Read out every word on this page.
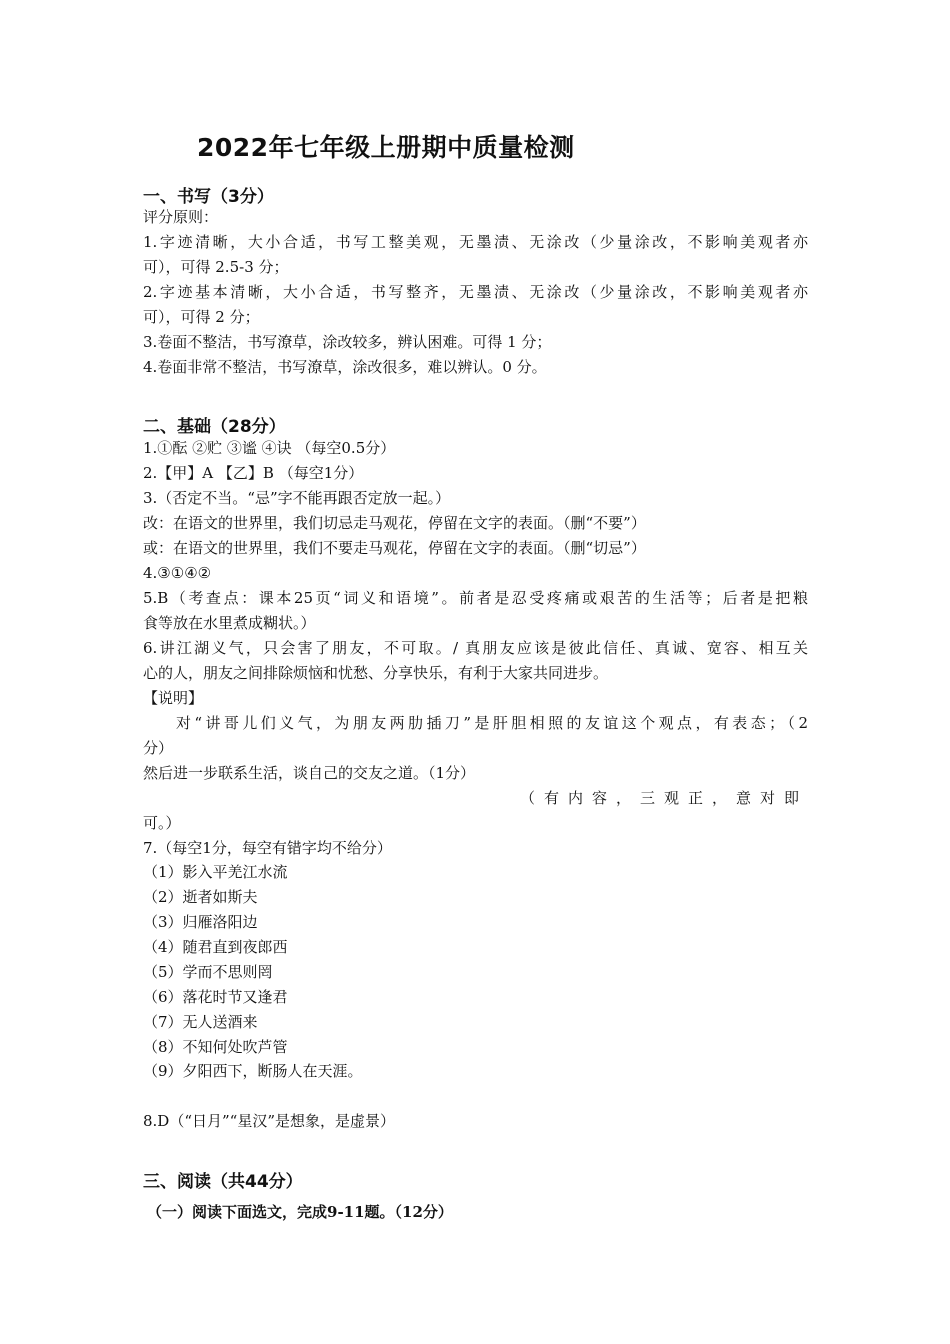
2022年七年级上册期中质量检测
一、书写（3分）
评分原则：
1.字迹清晰，大小合适，书写工整美观，无墨渍、无涂改（少量涂改，不影响美观者亦
可），可得 2.5-3 分；
2.字迹基本清晰，大小合适，书写整齐，无墨渍、无涂改（少量涂改，不影响美观者亦
可），可得 2 分；
3.卷面不整洁，书写潦草，涂改较多，辨认困难。可得 1 分；
4.卷面非常不整洁，书写潦草，涂改很多，难以辨认。0 分。
二、基础（28分）
1.①酝 ②贮 ③谧 ④诀 （每空0.5分）
2.【甲】A 【乙】B （每空1分）
3.（否定不当。“忌”字不能再跟否定放一起。）
改：在语文的世界里，我们切忌走马观花，停留在文字的表面。（删“不要”）
或：在语文的世界里，我们不要走马观花，停留在文字的表面。（删“切忌”）
4.③①④②
5.B（考查点：课本25页“词义和语境”。前者是忍受疼痛或艰苦的生活等；后者是把粮
食等放在水里煮成糊状。）
6.讲江湖义气，只会害了朋友，不可取。/ 真朋友应该是彼此信任、真诚、宽容、相互关
心的人，朋友之间排除烦恼和忧愁、分享快乐，有利于大家共同进步。
【说明】
对“讲哥儿们义气，为朋友两肋插刀”是肝胆相照的友谊这个观点，有表态；（2
分）
然后进一步联系生活，谈自己的交友之道。（1分）
（有内容，三观正，意对即
可。）
7.（每空1分，每空有错字均不给分）
（1）影入平羌江水流
（2）逝者如斯夫
（3）归雁洛阳边
（4）随君直到夜郎西
（5）学而不思则罔
（6）落花时节又逢君
（7）无人送酒来
（8）不知何处吹芦管
（9）夕阳西下，断肠人在天涯。
8.D（“日月”“星汉”是想象，是虚景）
三、阅读（共44分）
（一）阅读下面选文，完成9-11题。（12分）
